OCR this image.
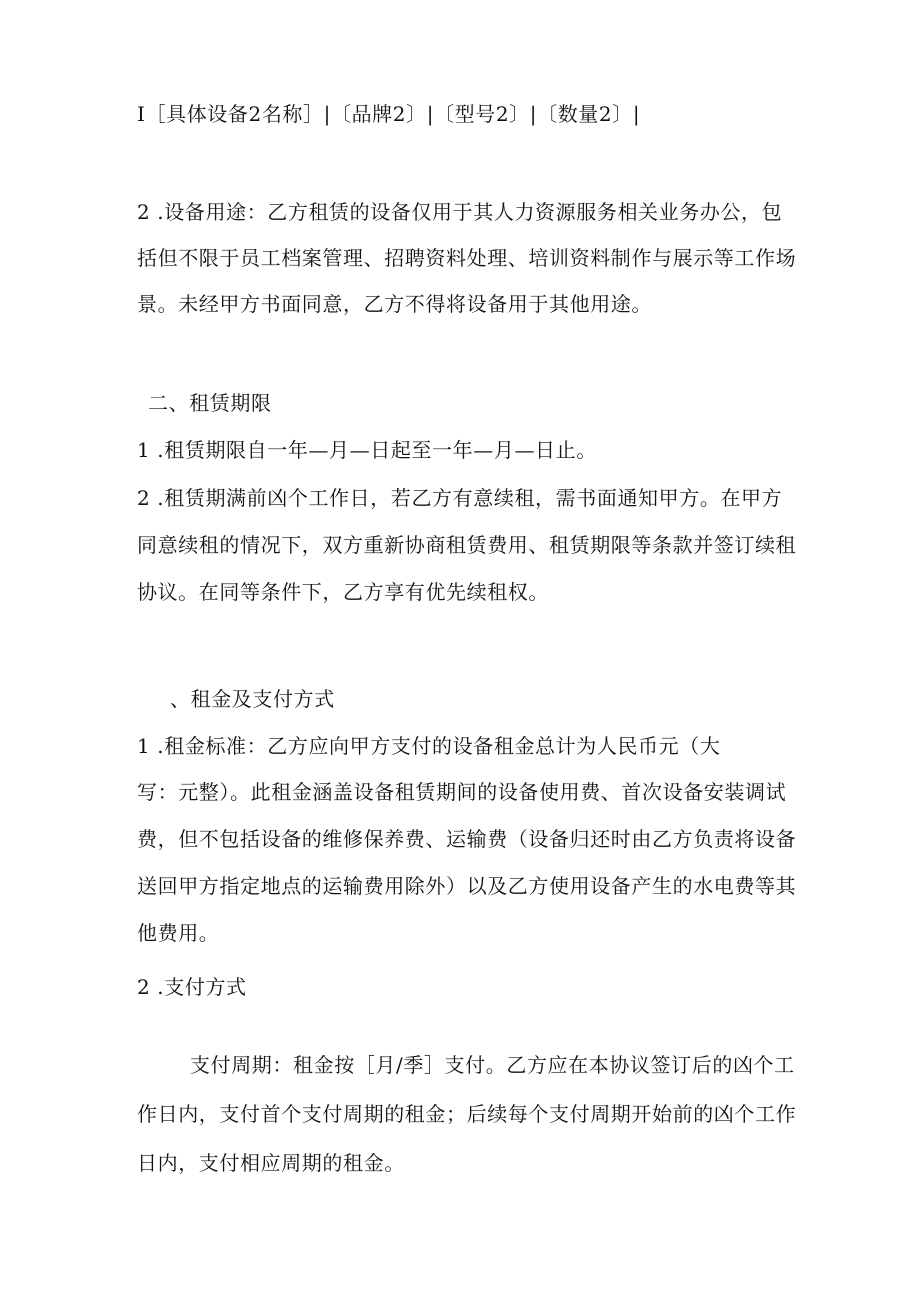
I［具体设备2名称］|〔品牌2〕|〔型号2〕|〔数量2〕|
2 .设备用途：乙方租赁的设备仅用于其人力资源服务相关业务办公，包
括但不限于员工档案管理、招聘资料处理、培训资料制作与展示等工作场
景。未经甲方书面同意，乙方不得将设备用于其他用途。
二、租赁期限
1 .租赁期限自一年—月—日起至一年—月—日止。
2 .租赁期满前凶个工作日，若乙方有意续租，需书面通知甲方。在甲方
同意续租的情况下，双方重新协商租赁费用、租赁期限等条款并签订续租
协议。在同等条件下，乙方享有优先续租权。
、租金及支付方式
1 .租金标准：乙方应向甲方支付的设备租金总计为人民币元（大
写：元整）。此租金涵盖设备租赁期间的设备使用费、首次设备安装调试
费，但不包括设备的维修保养费、运输费（设备归还时由乙方负责将设备
送回甲方指定地点的运输费用除外）以及乙方使用设备产生的水电费等其
他费用。
2 .支付方式
支付周期：租金按［月/季］支付。乙方应在本协议签订后的凶个工
作日内，支付首个支付周期的租金；后续每个支付周期开始前的凶个工作
日内，支付相应周期的租金。
